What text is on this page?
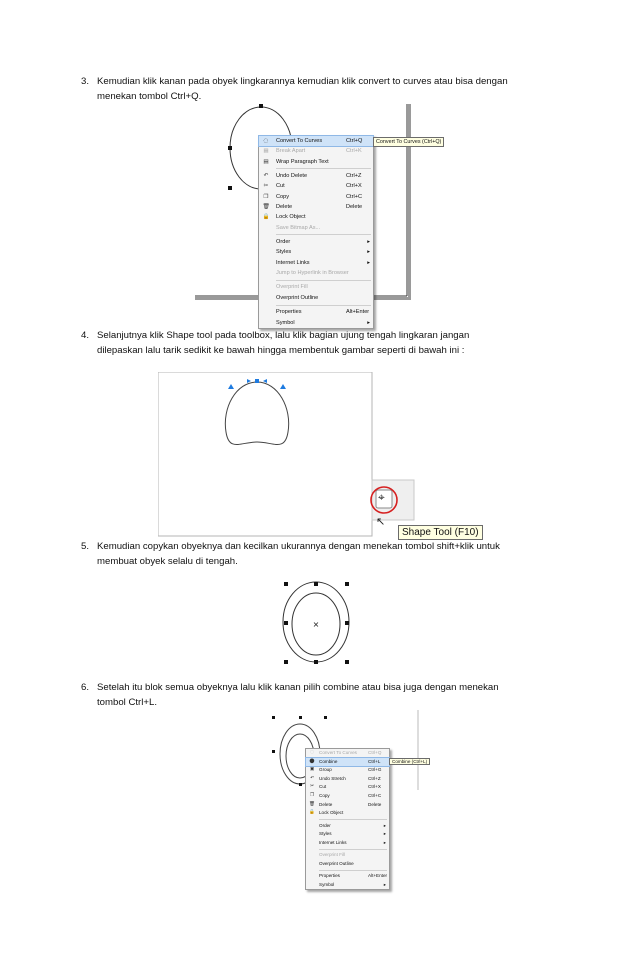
3. Kemudian klik kanan pada obyek lingkarannya kemudian klik convert to curves atau bisa dengan
menekan tombol Ctrl+Q.
◌	Convert To Curves	Ctrl+Q
▦	Break Apart	Ctrl+K
▤	Wrap Paragraph Text
↶	Undo Delete	Ctrl+Z
✂	Cut	Ctrl+X
❐	Copy	Ctrl+C
🗑 Delete	Delete
🔒 Lock Object
Save Bitmap As...
Order	▸
Styles	▸
Internet Links	▸
Jump to Hyperlink in Browser
Overprint Fill
Overprint Outline
Properties	Alt+Enter
Symbol	▸
Convert To Curves (Ctrl+Q)
4. Selanjutnya klik Shape tool pada toolbox, lalu klik bagian ujung tengah lingkaran jangan
dilepaskan lalu tarik sedikit ke bawah hingga membentuk gambar seperti di bawah ini :
⌖
↖
Shape Tool (F10)
5. Kemudian copykan obyeknya dan kecilkan ukurannya dengan menekan tombol shift+klik untuk
membuat obyek selalu di tengah.
×
6. Setelah itu blok semua obyeknya lalu klik kanan pilih combine atau bisa juga dengan menekan
tombol Ctrl+L.
◌	Convert To Curves Ctrl+Q
⬤ Combine	Ctrl+L
▣	Group	Ctrl+G
↶	Undo Stretch	Ctrl+Z
✂	Cut	Ctrl+X
❐	Copy	Ctrl+C
🗑 Delete	Delete
🔒 Lock Object
Order	▸
Styles	▸
Internet Links	▸
Overprint Fill
Overprint Outline
Properties	Alt+Enter
Symbol	▸
Combine (Ctrl+L)
